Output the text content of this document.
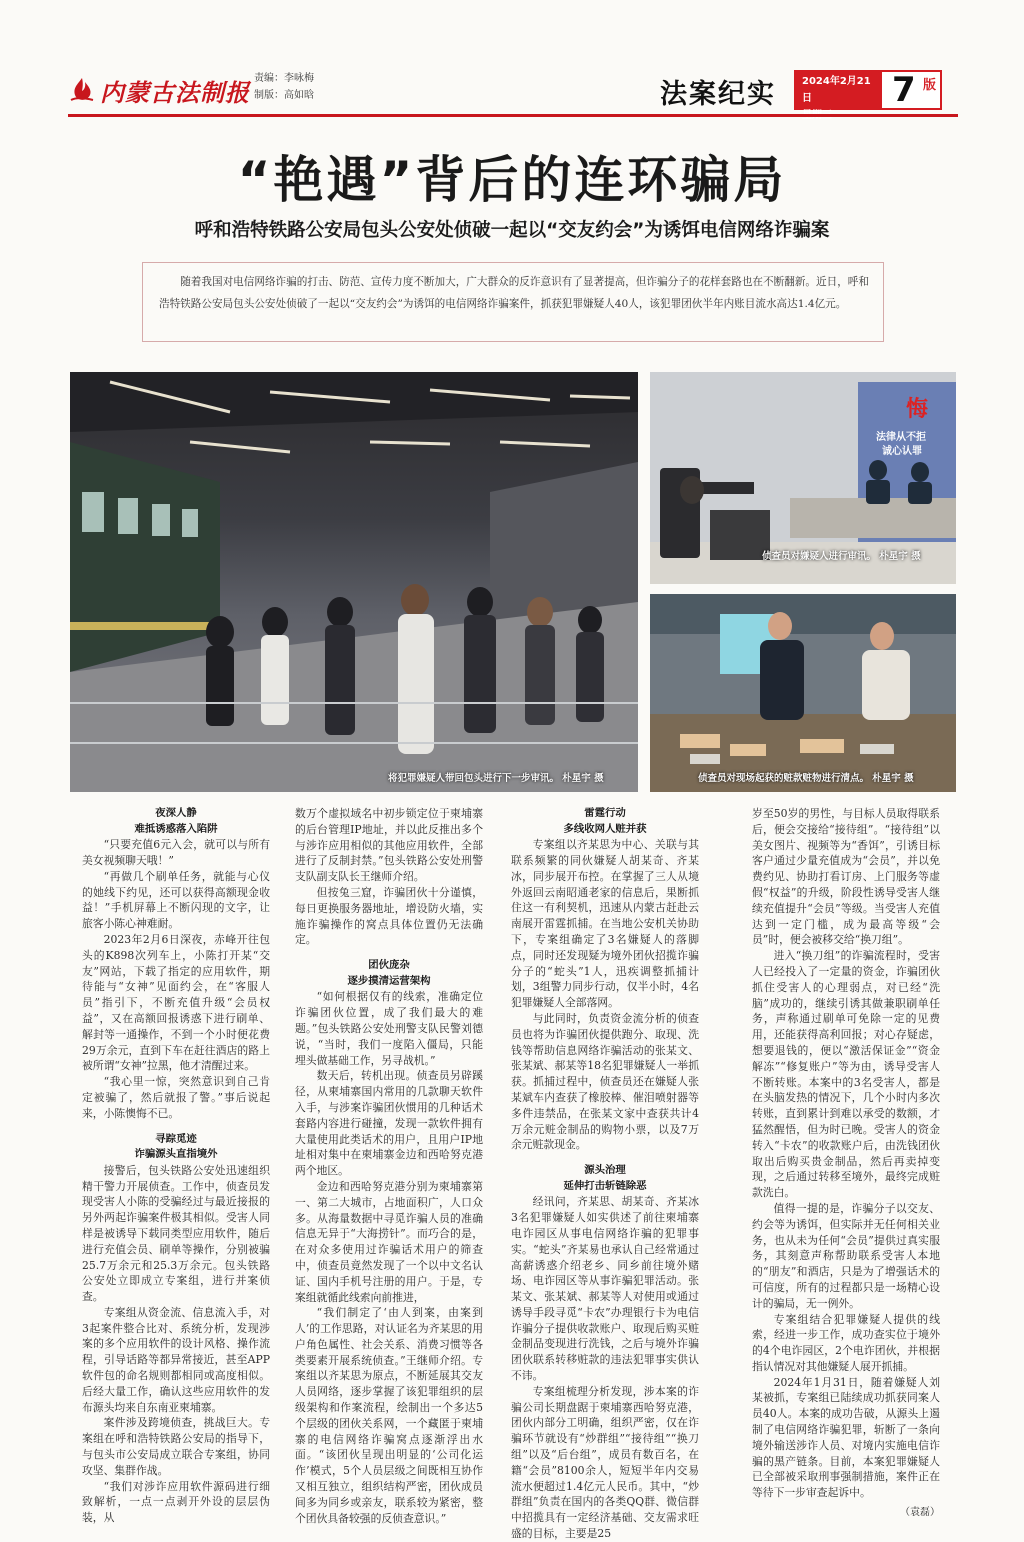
内蒙古法制报 责编：李咏梅
制版：高如晗	法案纪实	2024年2月21日	7 版
“艳遇”背后的连环骗局
呼和浩特铁路公安局包头公安处侦破一起以“交友约会”为诱饵电信网络诈骗案
随着我国对电信网络诈骗的打击、防范、宣传力度不断加大，广大群众的反诈意识有了显著提高，但诈骗分子的花样套路也在不断翻新。近日，呼和浩特铁路公安局包头公安处侦破了一起以“交友约会”为诱饵的电信网络诈骗案件，抓获犯罪嫌疑人40人，该犯罪团伙半年内账目流水高达1.4亿元。
将犯罪嫌疑人带回包头进行下一步审讯。 朴星宇 摄
悔
法律从不拒
诚心认罪
侦查员对嫌疑人进行审讯。 朴星宇 摄
侦查员对现场起获的赃款赃物进行清点。 朴星宇 摄
夜深人静
难抵诱惑落入陷阱

“只要充值6元入会，就可以与所有美女视频聊天哦！”

“再做几个刷单任务，就能与心仪的她线下约见，还可以获得高额现金收益！”手机屏幕上不断闪现的文字，让旅客小陈心神难耐。

2023年2月6日深夜，赤峰开往包头的K898次列车上，小陈打开某“交友”网站，下载了指定的应用软件，期待能与“女神”见面约会，在“客服人员”指引下，不断充值升级“会员权益”，又在高额回报诱惑下进行刷单、解封等一通操作，不到一个小时便花费29万余元，直到下车在赶往酒店的路上被所谓“女神”拉黑，他才清醒过来。

“我心里一惊，突然意识到自己肯定被骗了，然后就报了警。”事后说起来，小陈懊悔不已。

寻踪觅迹
诈骗源头直指境外

接警后，包头铁路公安处迅速组织精干警力开展侦查。工作中，侦查员发现受害人小陈的受骗经过与最近接报的另外两起诈骗案件极其相似。受害人同样是被诱导下载同类型应用软件，随后进行充值会员、刷单等操作，分别被骗25.7万余元和25.3万余元。包头铁路公安处立即成立专案组，进行并案侦查。

专案组从资金流、信息流入手，对3起案件整合比对、系统分析，发现涉案的多个应用软件的设计风格、操作流程，引导话路等都异常接近，甚至APP软件包的命名规则都相同或高度相似。后经大量工作，确认这些应用软件的发布源头均来自东南亚柬埔寨。

案件涉及跨境侦查，挑战巨大。专案组在呼和浩特铁路公安局的指导下，与包头市公安局成立联合专案组，协同攻坚、集群作战。

“我们对涉诈应用软件源码进行细致解析，一点一点剥开外设的层层伪装，从

数万个虚拟域名中初步锁定位于柬埔寨的后台管理IP地址，并以此反推出多个与涉诈应用相似的其他应用软件，全部进行了反制封禁。”包头铁路公安处刑警支队副支队长王继师介绍。

但按兔三窟，诈骗团伙十分谨慎，每日更换服务器地址，增设防火墙，实施诈骗操作的窝点具体位置仍无法确定。

团伙庞杂
逐步摸清运营架构

“如何根据仅有的线索，准确定位诈骗团伙位置，成了我们最大的难题。”包头铁路公安处刑警支队民警刘德说，“当时，我们一度陷入僵局，只能埋头做基础工作，另寻战机。”

数天后，转机出现。侦查员另辟蹊径，从柬埔寨国内常用的几款聊天软件入手，与涉案诈骗团伙惯用的几种话术套路内容进行碰撞，发现一款软件拥有大量使用此类话术的用户，且用户IP地址相对集中在柬埔寨金边和西哈努克港两个地区。

金边和西哈努克港分别为柬埔寨第一、第二大城市，占地面积广，人口众多。从海量数据中寻觅诈骗人员的准确信息无异于“大海捞针”。而巧合的是，在对众多使用过诈骗话术用户的筛查中，侦查员竟然发现了一个以中文名认证、国内手机号注册的用户。于是，专案组就循此线索向前推进，

“我们制定了‘由人到案，由案到人’的工作思路，对认证名为齐某思的用户角色属性、社会关系、消费习惯等各类要素开展系统侦查。”王继师介绍。专案组以齐某思为原点，不断延展其交友人员网络，逐步掌握了该犯罪组织的层级架构和作案流程，绘制出一个多达5个层级的团伙关系网，一个藏匿于柬埔寨的电信网络诈骗窝点逐渐浮出水面。“该团伙呈现出明显的‘公司化运作’模式，5个人员层级之间既相互协作又相互独立，组织结构严密，团伙成员间多为同乡或亲友，联系较为紧密，整个团伙具备较强的反侦查意识。”

雷霆行动
多线收网人赃并获

专案组以齐某思为中心、关联与其联系频繁的同伙嫌疑人胡某奇、齐某冰，同步展开布控。在掌握了三人从境外返回云南昭通老家的信息后，果断抓住这一有利契机，迅速从内蒙古赶赴云南展开雷霆抓捕。在当地公安机关协助下，专案组确定了3名嫌疑人的落脚点，同时还发现疑为境外团伙招揽诈骗分子的“蛇头”1人，迅疾调整抓捕计划，3组警力同步行动，仅半小时，4名犯罪嫌疑人全部落网。

与此同时，负责资金流分析的侦查员也将为诈骗团伙提供跑分、取现、洗钱等帮助信息网络诈骗活动的张某文、张某斌、郝某等18名犯罪嫌疑人一举抓获。抓捕过程中，侦查员还在嫌疑人张某斌车内查获了橡胶棒、催泪喷射器等多件违禁品，在张某文家中查获共计4万余元赃金制品的购物小票，以及7万余元赃款现金。

源头治理
延伸打击斩链除恶

经讯问，齐某思、胡某奇、齐某冰3名犯罪嫌疑人如实供述了前往柬埔寨电诈园区从事电信网络诈骗的犯罪事实。“蛇头”齐某易也承认自己经常通过高薪诱惑介绍老乡、同乡前往境外赌场、电诈园区等从事诈骗犯罪活动。张某文、张某斌、郝某等人对使用或通过诱导手段寻觅“卡农”办理银行卡为电信诈骗分子提供收款账户、取现后购买赃金制品变现进行洗钱，之后与境外诈骗团伙联系转移赃款的违法犯罪事实供认不讳。

专案组梳理分析发现，涉本案的诈骗公司长期盘踞于柬埔寨西哈努克港，团伙内部分工明确，组织严密，仅在诈骗环节就设有“炒群组”“接待组”“换刀组”以及“后台组”，成员有数百名，在籍“会员”8100余人，短短半年内交易流水便超过1.4亿元人民币。其中，“炒群组”负责在国内的各类QQ群、微信群中招揽具有一定经济基础、交友需求旺盛的目标，主要是25

岁至50岁的男性，与目标人员取得联系后，便会交接给“接待组”。“接待组”以美女图片、视频等为“香饵”，引诱目标客户通过少量充值成为“会员”，并以免费约见、协助打看订房、上门服务等虚假“权益”的升级，阶段性诱导受害人继续充值提升“会员”等级。当受害人充值达到一定门槛，成为最高等级“会员”时，便会被移交给“换刀组”。

进入“换刀组”的诈骗流程时，受害人已经投入了一定量的资金，诈骗团伙抓住受害人的心理弱点，对已经“洗脑”成功的，继续引诱其做兼职刷单任务，声称通过刷单可免除一定的见费用，还能获得高利回报；对心存疑虑，想要退钱的，便以“激活保证金”“资金解冻”“修复账户”等为由，诱导受害人不断转账。本案中的3名受害人，都是在头脑发热的情况下，几个小时内多次转账，直到累计到难以承受的数额，才猛然醒悟，但为时已晚。受害人的资金转入“卡农”的收款账户后，由洗钱团伙取出后购买贵金制品，然后再卖掉变现，之后通过转移至境外，最终完成赃款洗白。

值得一提的是，诈骗分子以交友、约会等为诱饵，但实际并无任何相关业务，也从未为任何“会员”提供过真实服务，其刻意声称帮助联系受害人本地的“朋友”和酒店，只是为了增强话术的可信度，所有的过程都只是一场精心设计的骗局，无一例外。

专案组结合犯罪嫌疑人提供的线索，经进一步工作，成功查实位于境外的4个电诈园区，2个电诈团伙，并根据指认情况对其他嫌疑人展开抓捕。

2024年1月31日，随着嫌疑人刘某被抓，专案组已陆续成功抓获同案人员40人。本案的成功告破，从源头上遏制了电信网络诈骗犯罪，斩断了一条向境外输送涉诈人员、对境内实施电信诈骗的黑产链条。目前，本案犯罪嫌疑人已全部被采取刑事强制措施，案件正在等待下一步审查起诉中。

（袁磊）
